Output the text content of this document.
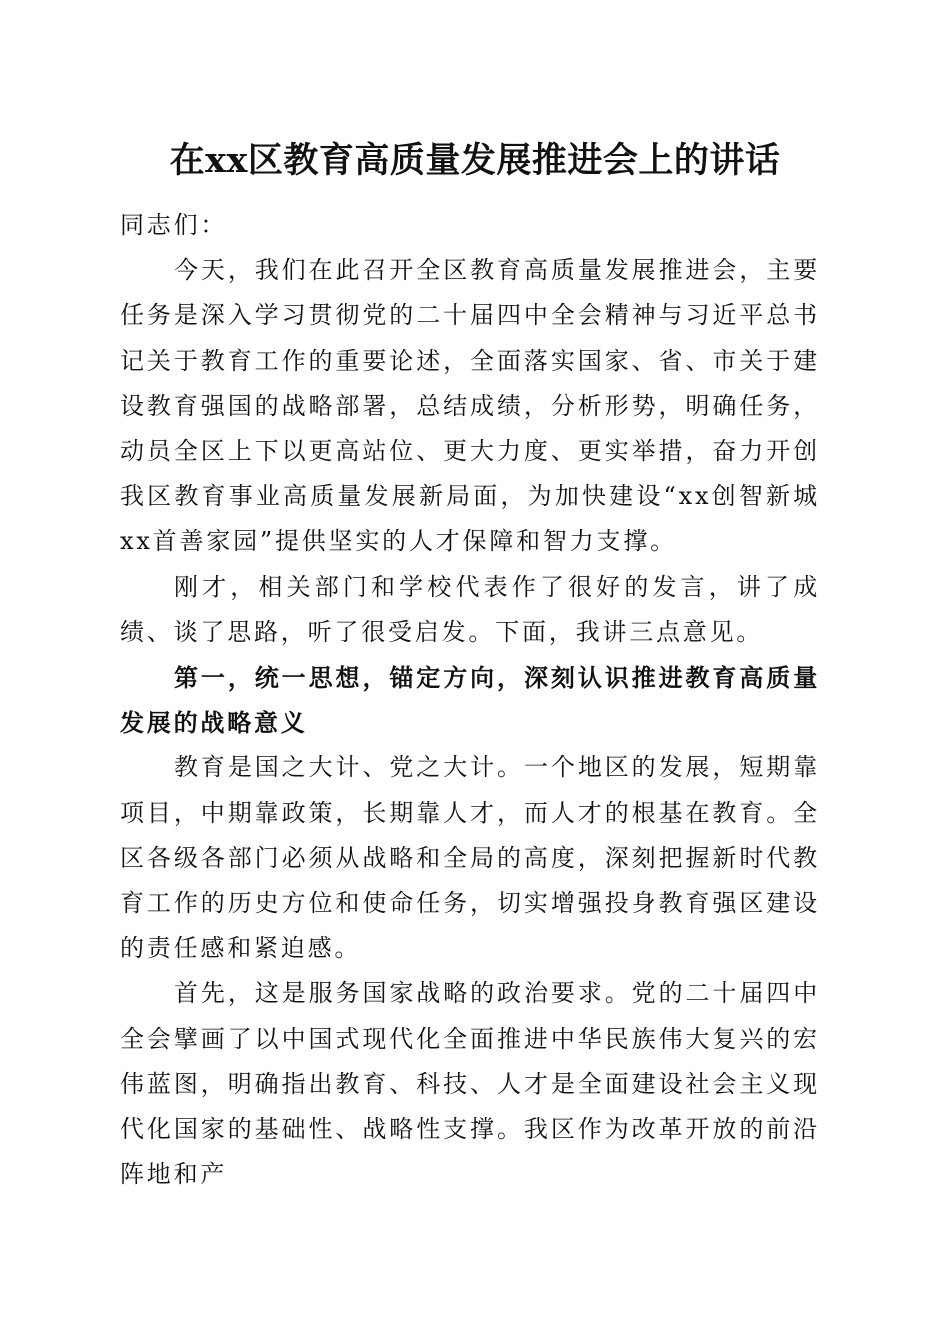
在xx区教育高质量发展推进会上的讲话

同志们：

今天，我们在此召开全区教育高质量发展推进会，主要任务是深入学习贯彻党的二十届四中全会精神与习近平总书记关于教育工作的重要论述，全面落实国家、省、市关于建设教育强国的战略部署，总结成绩，分析形势，明确任务，动员全区上下以更高站位、更大力度、更实举措，奋力开创我区教育事业高质量发展新局面，为加快建设“xx创智新城xx首善家园”提供坚实的人才保障和智力支撑。

刚才，相关部门和学校代表作了很好的发言，讲了成绩、谈了思路，听了很受启发。下面，我讲三点意见。

第一，统一思想，锚定方向，深刻认识推进教育高质量发展的战略意义

教育是国之大计、党之大计。一个地区的发展，短期靠项目，中期靠政策，长期靠人才，而人才的根基在教育。全区各级各部门必须从战略和全局的高度，深刻把握新时代教育工作的历史方位和使命任务，切实增强投身教育强区建设的责任感和紧迫感。

首先，这是服务国家战略的政治要求。党的二十届四中全会擘画了以中国式现代化全面推进中华民族伟大复兴的宏伟蓝图，明确指出教育、科技、人才是全面建设社会主义现代化国家的基础性、战略性支撑。我区作为改革开放的前沿阵地和产
